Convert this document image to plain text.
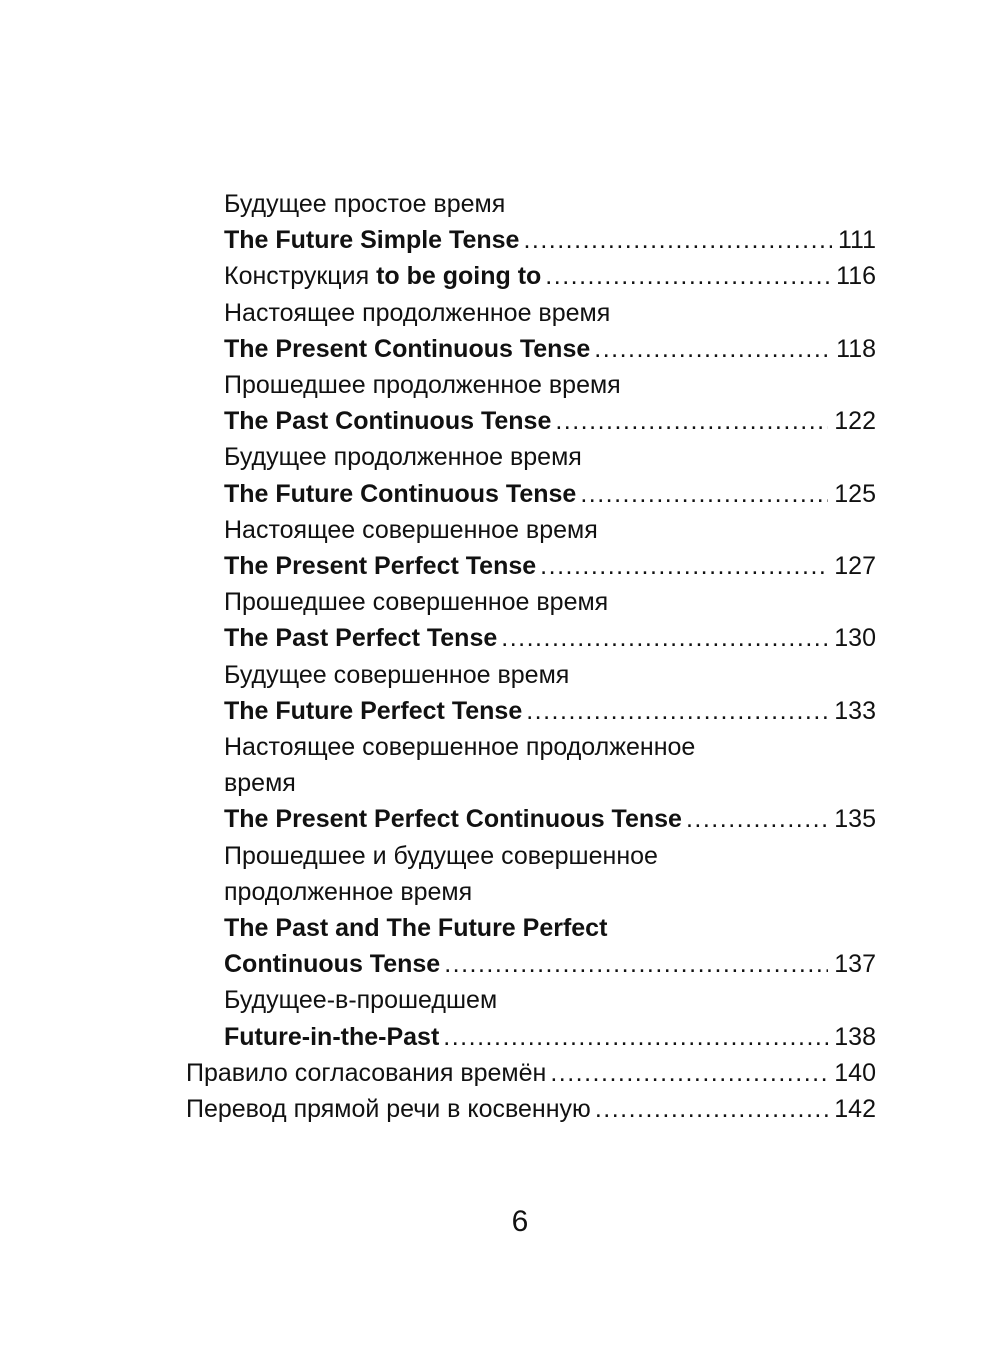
Будущее простое время
The Future Simple Tense .....	111
Конструкция to be going to .....	116
Настоящее продолженное время
The Present Continuous Tense .....	118
Прошедшее продолженное время
The Past Continuous Tense .....	122
Будущее продолженное время
The Future Continuous Tense .....	125
Настоящее совершенное время
The Present Perfect Tense .....	127
Прошедшее совершенное время
The Past Perfect Tense .....	130
Будущее совершенное время
The Future Perfect Tense .....	133
Настоящее совершенное продолженное
время
The Present Perfect Continuous Tense .....	135
Прошедшее и будущее совершенное
продолженное время
The Past and The Future Perfect
Continuous Tense .....	137
Будущее-в-прошедшем
Future-in-the-Past .....	138
Правило согласования времён .....	140
Перевод прямой речи в косвенную .....	142
6
